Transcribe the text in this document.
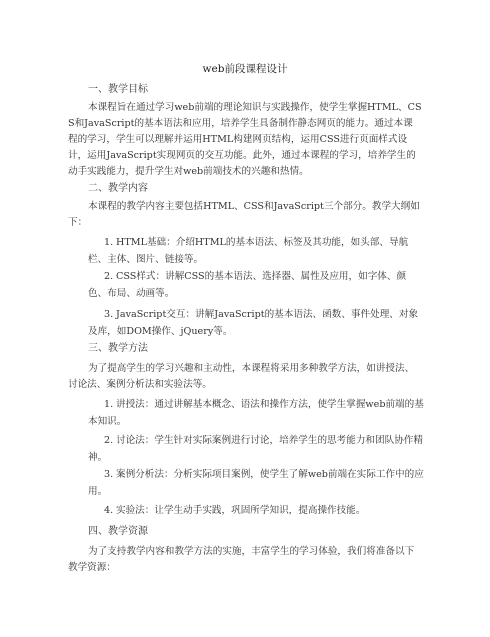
web前段课程设计
一、教学目标
本课程旨在通过学习web前端的理论知识与实践操作，使学生掌握HTML、CSS和JavaScript的基本语法和应用，培养学生具备制作静态网页的能力。通过本课程的学习，学生可以理解并运用HTML构建网页结构，运用CSS进行页面样式设计，运用JavaScript实现网页的交互功能。此外，通过本课程的学习，培养学生的动手实践能力，提升学生对web前端技术的兴趣和热情。
二、教学内容
本课程的教学内容主要包括HTML、CSS和JavaScript三个部分。教学大纲如下：
1. HTML基础：介绍HTML的基本语法、标签及其功能，如头部、导航栏、主体、图片、链接等。
2. CSS样式：讲解CSS的基本语法、选择器、属性及应用，如字体、颜色、布局、动画等。
3. JavaScript交互：讲解JavaScript的基本语法、函数、事件处理、对象及库，如DOM操作、jQuery等。
三、教学方法
为了提高学生的学习兴趣和主动性，本课程将采用多种教学方法，如讲授法、讨论法、案例分析法和实验法等。
1. 讲授法：通过讲解基本概念、语法和操作方法，使学生掌握web前端的基本知识。
2. 讨论法：学生针对实际案例进行讨论，培养学生的思考能力和团队协作精神。
3. 案例分析法：分析实际项目案例，使学生了解web前端在实际工作中的应用。
4. 实验法：让学生动手实践，巩固所学知识，提高操作技能。
四、教学资源
为了支持教学内容和教学方法的实施，丰富学生的学习体验，我们将准备以下教学资源：
